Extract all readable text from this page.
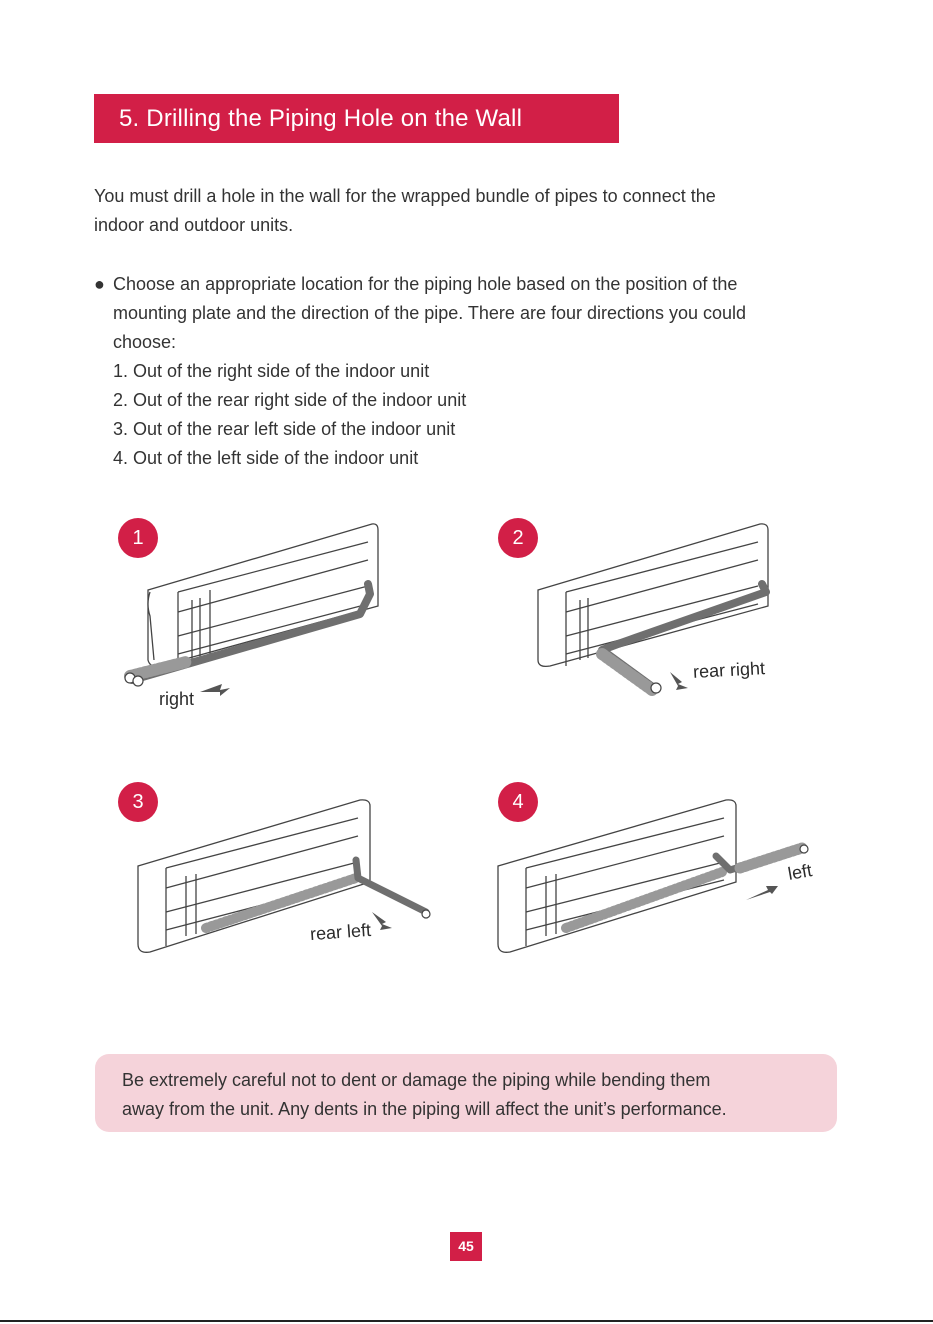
5. Drilling the Piping Hole on the Wall
You must drill a hole in the wall for the wrapped bundle of pipes to connect the
indoor and outdoor units.
● Choose an appropriate location for the piping hole based on the position of the
mounting plate and the direction of the pipe. There are four directions you could
choose:
1. Out of the right side of the indoor unit
2. Out of the rear right side of the indoor unit
3. Out of the rear left side of the indoor unit
4. Out of the left side of the indoor unit
1
right
2
rear right
3
rear left
4
left
Be extremely careful not to dent or damage the piping while bending them
away from the unit. Any dents in the piping will affect the unit’s performance.
45
